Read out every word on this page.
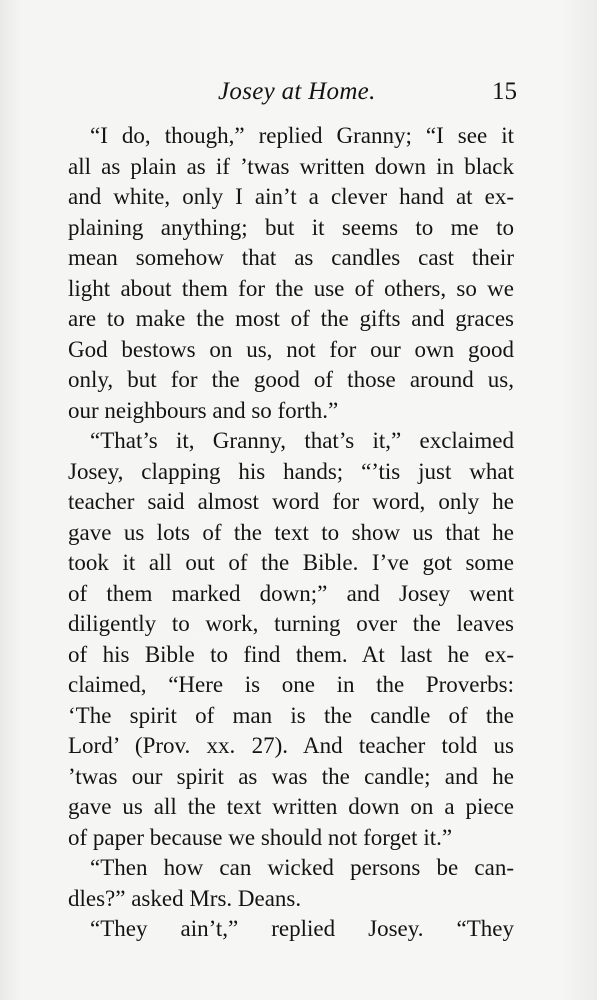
Josey at Home.	15
“I do, though,” replied Granny; “I see it
all as plain as if ’twas written down in black
and white, only I ain’t a clever hand at ex-
plaining anything; but it seems to me to
mean somehow that as candles cast their
light about them for the use of others, so we
are to make the most of the gifts and graces
God bestows on us, not for our own good
only, but for the good of those around us,
our neighbours and so forth.”
“That’s it, Granny, that’s it,” exclaimed
Josey, clapping his hands; “’tis just what
teacher said almost word for word, only he
gave us lots of the text to show us that he
took it all out of the Bible. I’ve got some
of them marked down;” and Josey went
diligently to work, turning over the leaves
of his Bible to find them. At last he ex-
claimed, “Here is one in the Proverbs:
‘The spirit of man is the candle of the
Lord’ (Prov. xx. 27). And teacher told us
’twas our spirit as was the candle; and he
gave us all the text written down on a piece
of paper because we should not forget it.”
“Then how can wicked persons be can-
dles?” asked Mrs. Deans.
“They ain’t,” replied Josey. “They
